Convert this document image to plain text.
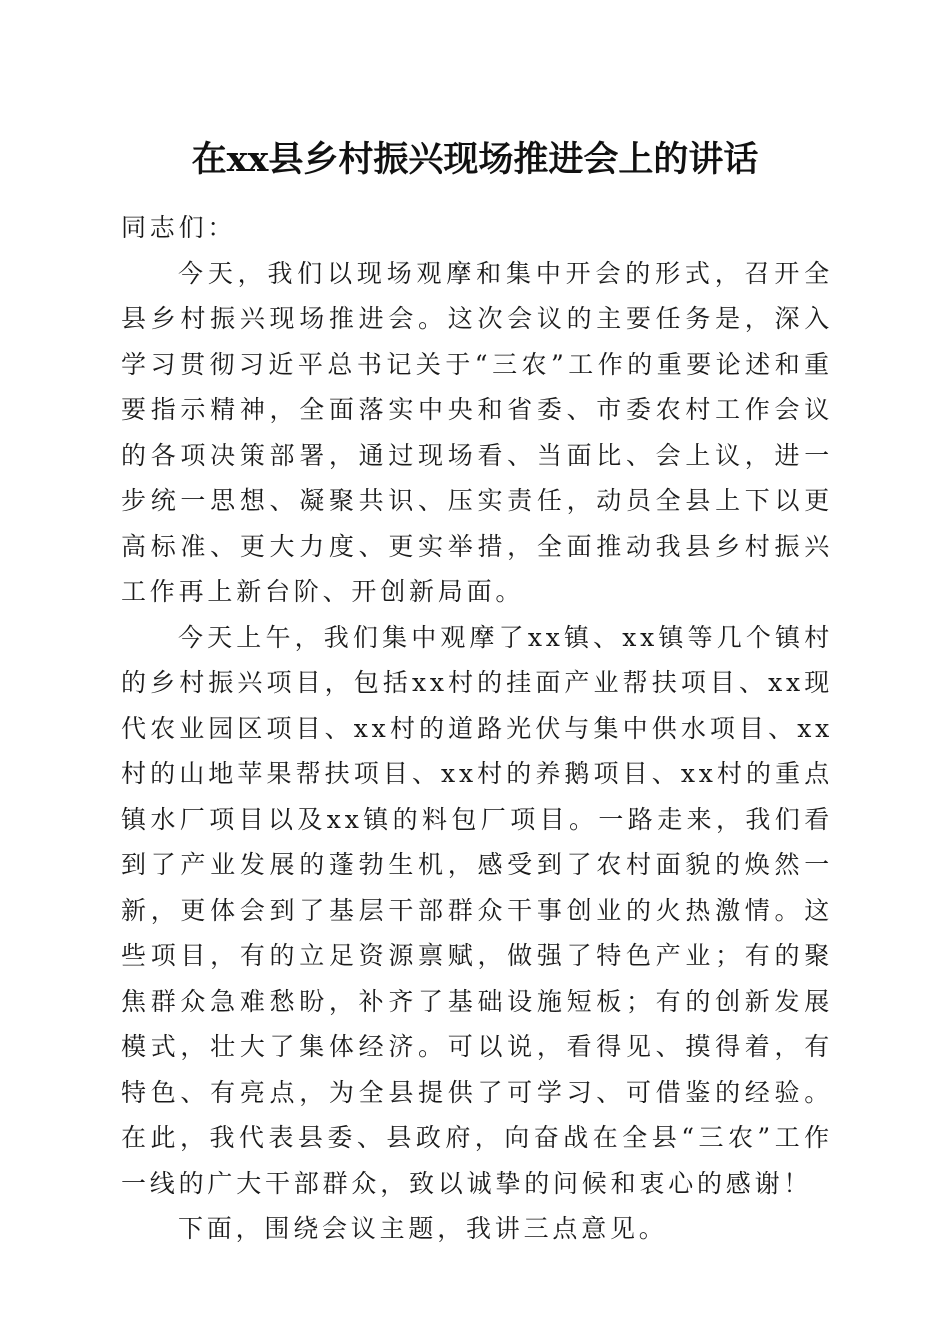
在xx县乡村振兴现场推进会上的讲话

同志们：

今天，我们以现场观摩和集中开会的形式，召开全县乡村振兴现场推进会。这次会议的主要任务是，深入学习贯彻习近平总书记关于“三农”工作的重要论述和重要指示精神，全面落实中央和省委、市委农村工作会议的各项决策部署，通过现场看、当面比、会上议，进一步统一思想、凝聚共识、压实责任，动员全县上下以更高标准、更大力度、更实举措，全面推动我县乡村振兴工作再上新台阶、开创新局面。

今天上午，我们集中观摩了xx镇、xx镇等几个镇村的乡村振兴项目，包括xx村的挂面产业帮扶项目、xx现代农业园区项目、xx村的道路光伏与集中供水项目、xx村的山地苹果帮扶项目、xx村的养鹅项目、xx村的重点镇水厂项目以及xx镇的料包厂项目。一路走来，我们看到了产业发展的蓬勃生机，感受到了农村面貌的焕然一新，更体会到了基层干部群众干事创业的火热激情。这些项目，有的立足资源禀赋，做强了特色产业；有的聚焦群众急难愁盼，补齐了基础设施短板；有的创新发展模式，壮大了集体经济。可以说，看得见、摸得着，有特色、有亮点，为全县提供了可学习、可借鉴的经验。在此，我代表县委、县政府，向奋战在全县“三农”工作一线的广大干部群众，致以诚挚的问候和衷心的感谢！

下面，围绕会议主题，我讲三点意见。
